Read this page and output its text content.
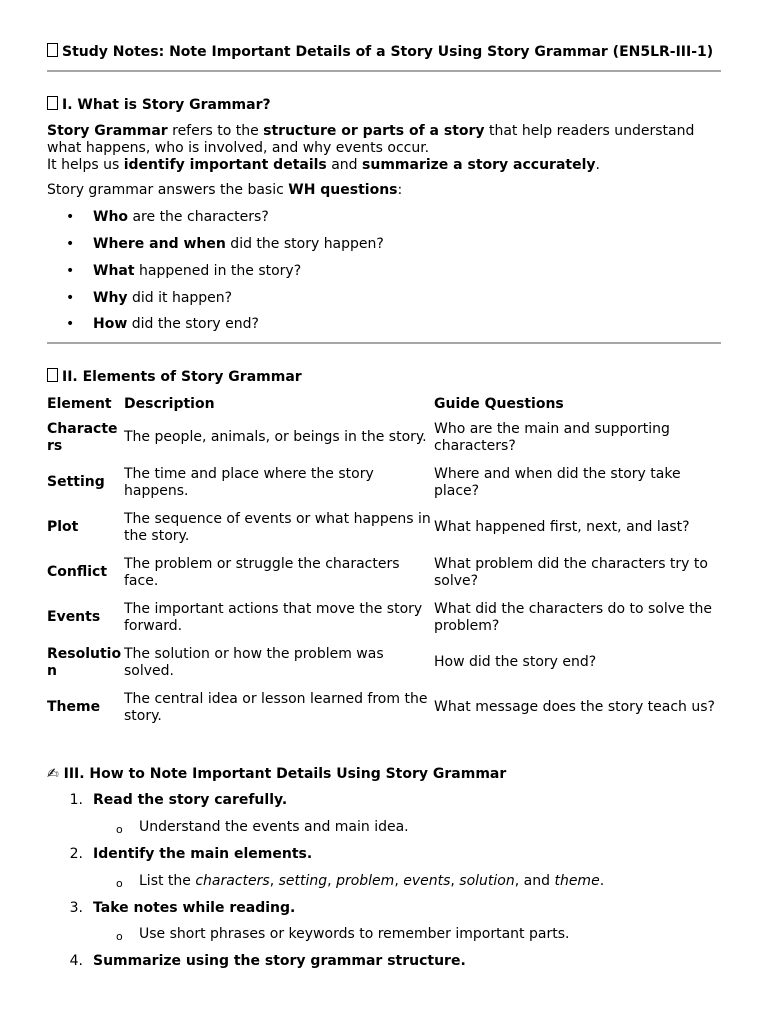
Study Notes: Note Important Details of a Story Using Story Grammar (EN5LR-III-1)
I. What is Story Grammar?
Story Grammar refers to the structure or parts of a story that help readers understand
what happens, who is involved, and why events occur.
It helps us identify important details and summarize a story accurately.
Story grammar answers the basic WH questions:
• Who are the characters?
• Where and when did the story happen?
• What happened in the story?
• Why did it happen?
• How did the story end?
II. Elements of Story Grammar
Element	Description	Guide Questions
Characters	The people, animals, or beings in the story.	Who are the main and supporting characters?
Setting	The time and place where the story happens.	Where and when did the story take place?
Plot	The sequence of events or what happens in the story.	What happened first, next, and last?
Conflict	The problem or struggle the characters face.	What problem did the characters try to solve?
Events	The important actions that move the story forward.	What did the characters do to solve the problem?
Resolution	The solution or how the problem was solved.	How did the story end?
Theme	The central idea or lesson learned from the story.	What message does the story teach us?
✍ III. How to Note Important Details Using Story Grammar
1. Read the story carefully.
o Understand the events and main idea.
2. Identify the main elements.
o List the characters, setting, problem, events, solution, and theme.
3. Take notes while reading.
o Use short phrases or keywords to remember important parts.
4. Summarize using the story grammar structure.
